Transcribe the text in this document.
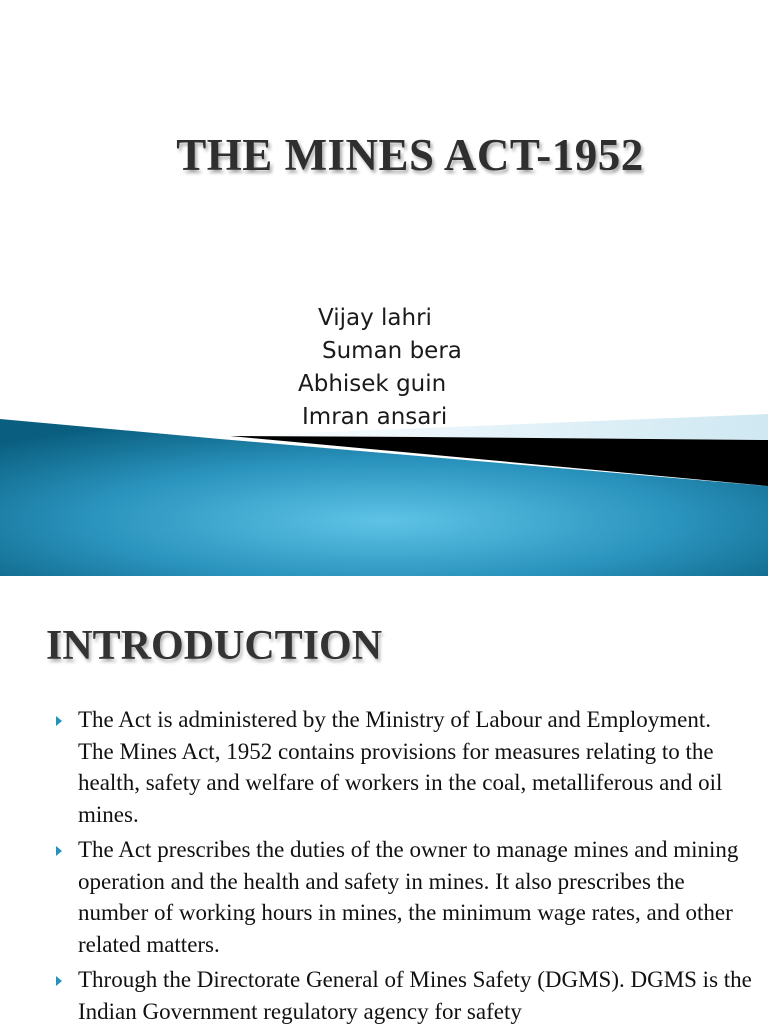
THE MINES ACT-1952
Vijay lahri
Suman bera
Abhisek guin
Imran ansari
INTRODUCTION
The Act is administered by the Ministry of Labour and Employment. The Mines Act, 1952 contains provisions for measures relating to the health, safety and welfare of workers in the coal, metalliferous and oil mines.
The Act prescribes the duties of the owner to manage mines and mining operation and the health and safety in mines. It also prescribes the number of working hours in mines, the minimum wage rates, and other related matters.
Through the Directorate General of Mines Safety (DGMS). DGMS is the Indian Government regulatory agency for safety
